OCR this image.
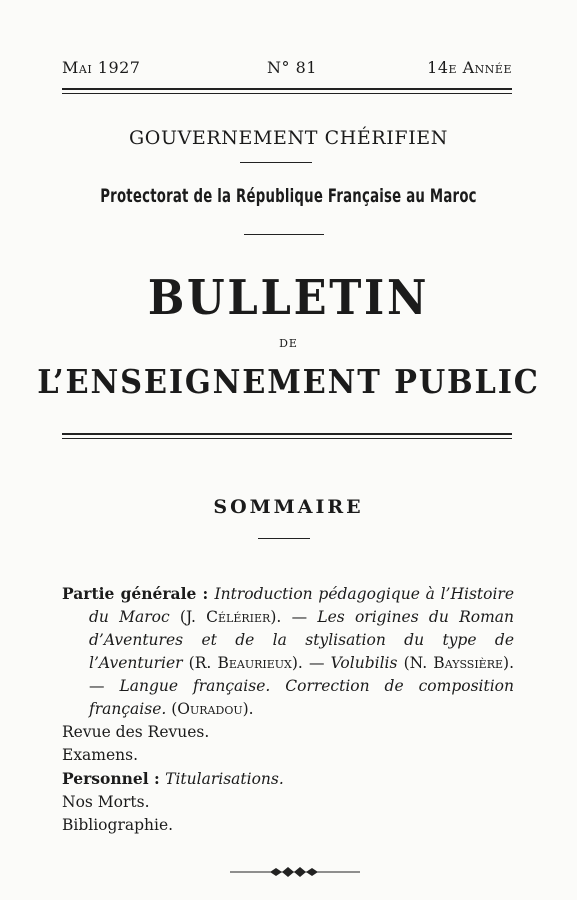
Mai 1927	N° 81	14e Année
GOUVERNEMENT CHÉRIFIEN
Protectorat de la République Française au Maroc
BULLETIN
DE
L’ENSEIGNEMENT PUBLIC
SOMMAIRE

Partie générale : Introduction pédagogique à l’Histoire du Maroc (J. Célérier). — Les origines du Roman d’Aventures et de la stylisation du type de l’Aventurier (R. Beaurieux). — Volubilis (N. Bayssière). — Langue française. Correction de composition française. (Ouradou).

Revue des Revues.

Examens.

Personnel : Titularisations.

Nos Morts.

Bibliographie.
